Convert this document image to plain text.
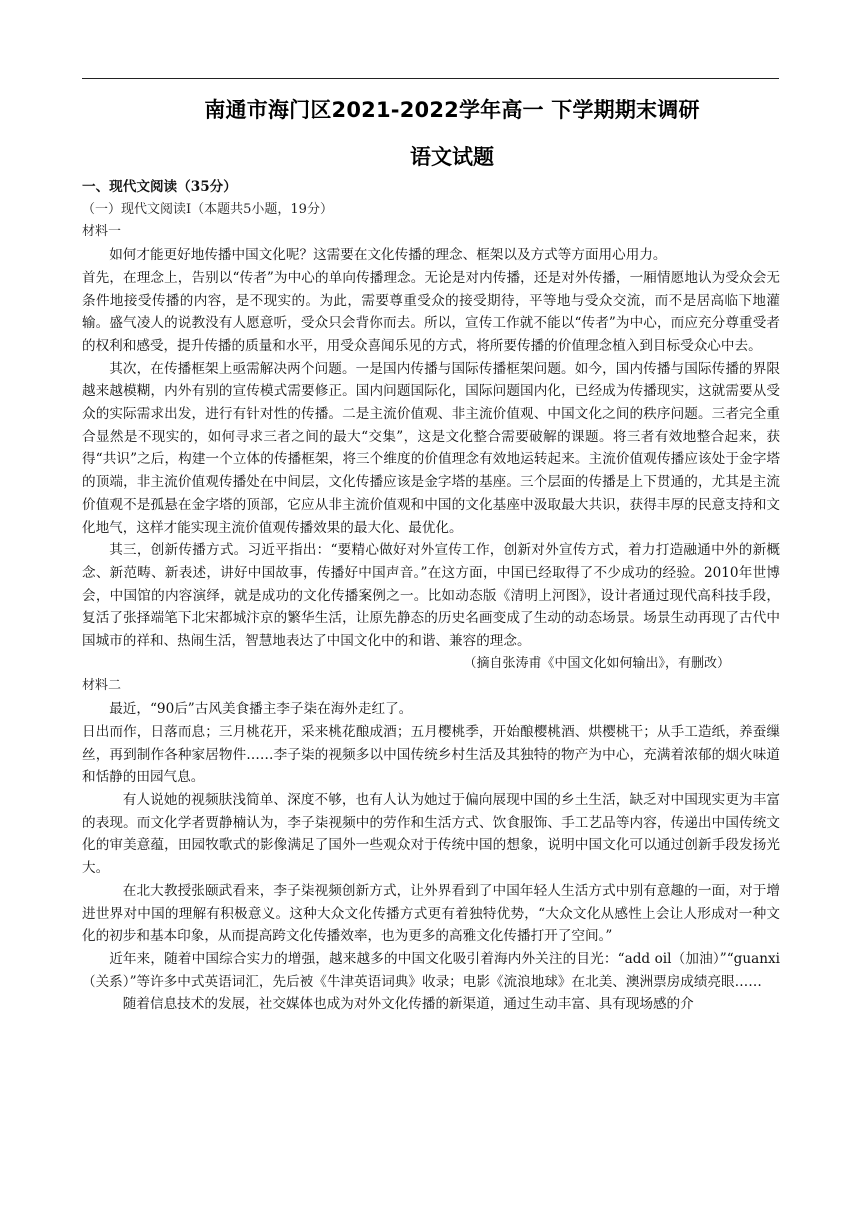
南通市海门区2021-2022学年高一 下学期期末调研
语文试题

一、现代文阅读（35分）

（一）现代文阅读Ⅰ（本题共5小题，19分）

材料一

如何才能更好地传播中国文化呢？这需要在文化传播的理念、框架以及方式等方面用心用力。

首先，在理念上，告别以“传者”为中心的单向传播理念。无论是对内传播，还是对外传播，一厢情愿地认为受众会无条件地接受传播的内容，是不现实的。为此，需要尊重受众的接受期待，平等地与受众交流，而不是居高临下地灌输。盛气凌人的说教没有人愿意听，受众只会背你而去。所以，宣传工作就不能以“传者”为中心，而应充分尊重受者的权利和感受，提升传播的质量和水平，用受众喜闻乐见的方式，将所要传播的价值理念植入到目标受众心中去。

其次，在传播框架上亟需解决两个问题。一是国内传播与国际传播框架问题。如今，国内传播与国际传播的界限越来越模糊，内外有别的宣传模式需要修正。国内问题国际化，国际问题国内化，已经成为传播现实，这就需要从受众的实际需求出发，进行有针对性的传播。二是主流价值观、非主流价值观、中国文化之间的秩序问题。三者完全重合显然是不现实的，如何寻求三者之间的最大“交集”，这是文化整合需要破解的课题。将三者有效地整合起来，获得“共识”之后，构建一个立体的传播框架，将三个维度的价值理念有效地运转起来。主流价值观传播应该处于金字塔的顶端，非主流价值观传播处在中间层，文化传播应该是金字塔的基座。三个层面的传播是上下贯通的，尤其是主流价值观不是孤悬在金字塔的顶部，它应从非主流价值观和中国的文化基座中汲取最大共识，获得丰厚的民意支持和文化地气，这样才能实现主流价值观传播效果的最大化、最优化。

其三，创新传播方式。习近平指出：“要精心做好对外宣传工作，创新对外宣传方式，着力打造融通中外的新概念、新范畴、新表述，讲好中国故事，传播好中国声音。”在这方面，中国已经取得了不少成功的经验。2010年世博会，中国馆的内容演绎，就是成功的文化传播案例之一。比如动态版《清明上河图》，设计者通过现代高科技手段，复活了张择端笔下北宋都城汴京的繁华生活，让原先静态的历史名画变成了生动的动态场景。场景生动再现了古代中国城市的祥和、热闹生活，智慧地表达了中国文化中的和谐、兼容的理念。

（摘自张涛甫《中国文化如何输出》，有删改）

材料二

最近，“90后”古风美食播主李子柒在海外走红了。

日出而作，日落而息；三月桃花开，采来桃花酿成酒；五月樱桃季，开始酿樱桃酒、烘樱桃干；从手工造纸，养蚕缫丝，再到制作各种家居物件……李子柒的视频多以中国传统乡村生活及其独特的物产为中心，充满着浓郁的烟火味道和恬静的田园气息。

有人说她的视频肤浅简单、深度不够，也有人认为她过于偏向展现中国的乡土生活，缺乏对中国现实更为丰富的表现。而文化学者贾静楠认为，李子柒视频中的劳作和生活方式、饮食服饰、手工艺品等内容，传递出中国传统文化的审美意蕴，田园牧歌式的影像满足了国外一些观众对于传统中国的想象，说明中国文化可以通过创新手段发扬光大。

在北大教授张颐武看来，李子柒视频创新方式，让外界看到了中国年轻人生活方式中别有意趣的一面，对于增进世界对中国的理解有积极意义。这种大众文化传播方式更有着独特优势，“大众文化从感性上会让人形成对一种文化的初步和基本印象，从而提高跨文化传播效率，也为更多的高雅文化传播打开了空间。”

近年来，随着中国综合实力的增强，越来越多的中国文化吸引着海内外关注的目光：“add oil（加油）”“guanxi（关系）”等许多中式英语词汇，先后被《牛津英语词典》收录；电影《流浪地球》在北美、澳洲票房成绩亮眼……

随着信息技术的发展，社交媒体也成为对外文化传播的新渠道，通过生动丰富、具有现场感的介
